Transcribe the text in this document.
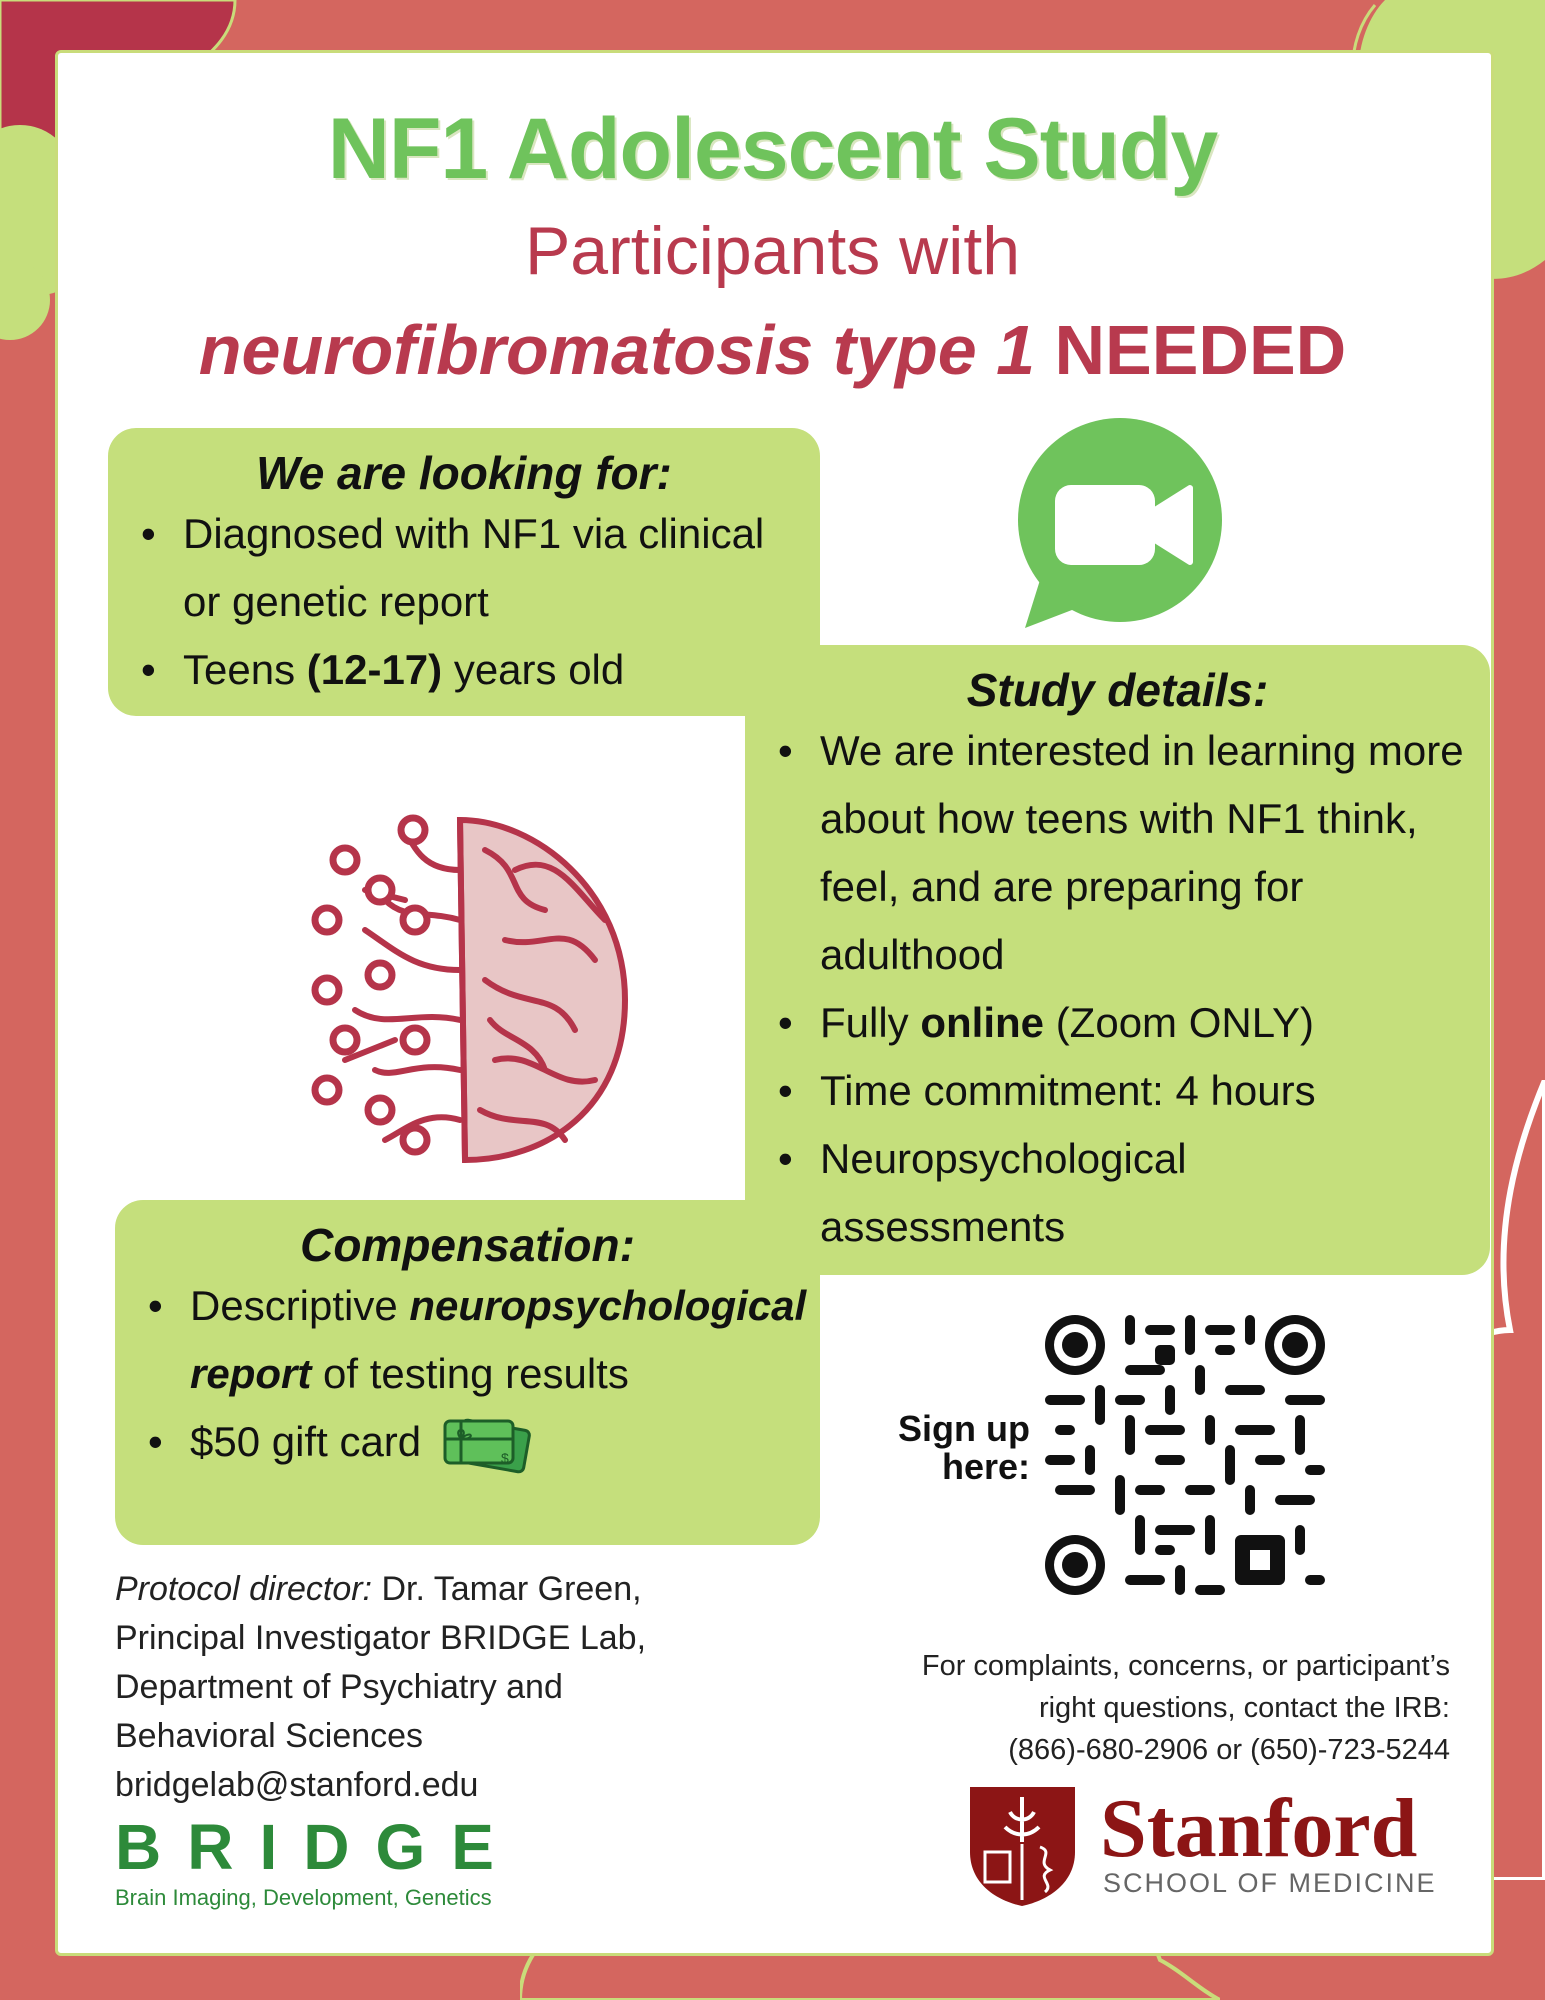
NF1 Adolescent Study
Participants with
neurofibromatosis type 1 NEEDED
We are looking for:
• Diagnosed with NF1 via clinical or genetic report
• Teens (12-17) years old	Study details:
• We are interested in learning more about how teens with NF1 think, feel, and are preparing for adulthood
• Fully online (Zoom ONLY)
• Time commitment: 4 hours
• Neuropsychological assessments
Compensation:
• Descriptive neuropsychological report of testing results
• $50 gift card	$
Sign up
here:
Protocol director: Dr. Tamar Green,
Principal Investigator BRIDGE Lab,
Department of Psychiatry and
Behavioral Sciences
bridgelab@stanford.edu
For complaints, concerns, or participant’s
right questions, contact the IRB:
(866)-680-2906 or (650)-723-5244
BRIDGE
Brain Imaging, Development, Genetics
Stanford
SCHOOL OF MEDICINE
